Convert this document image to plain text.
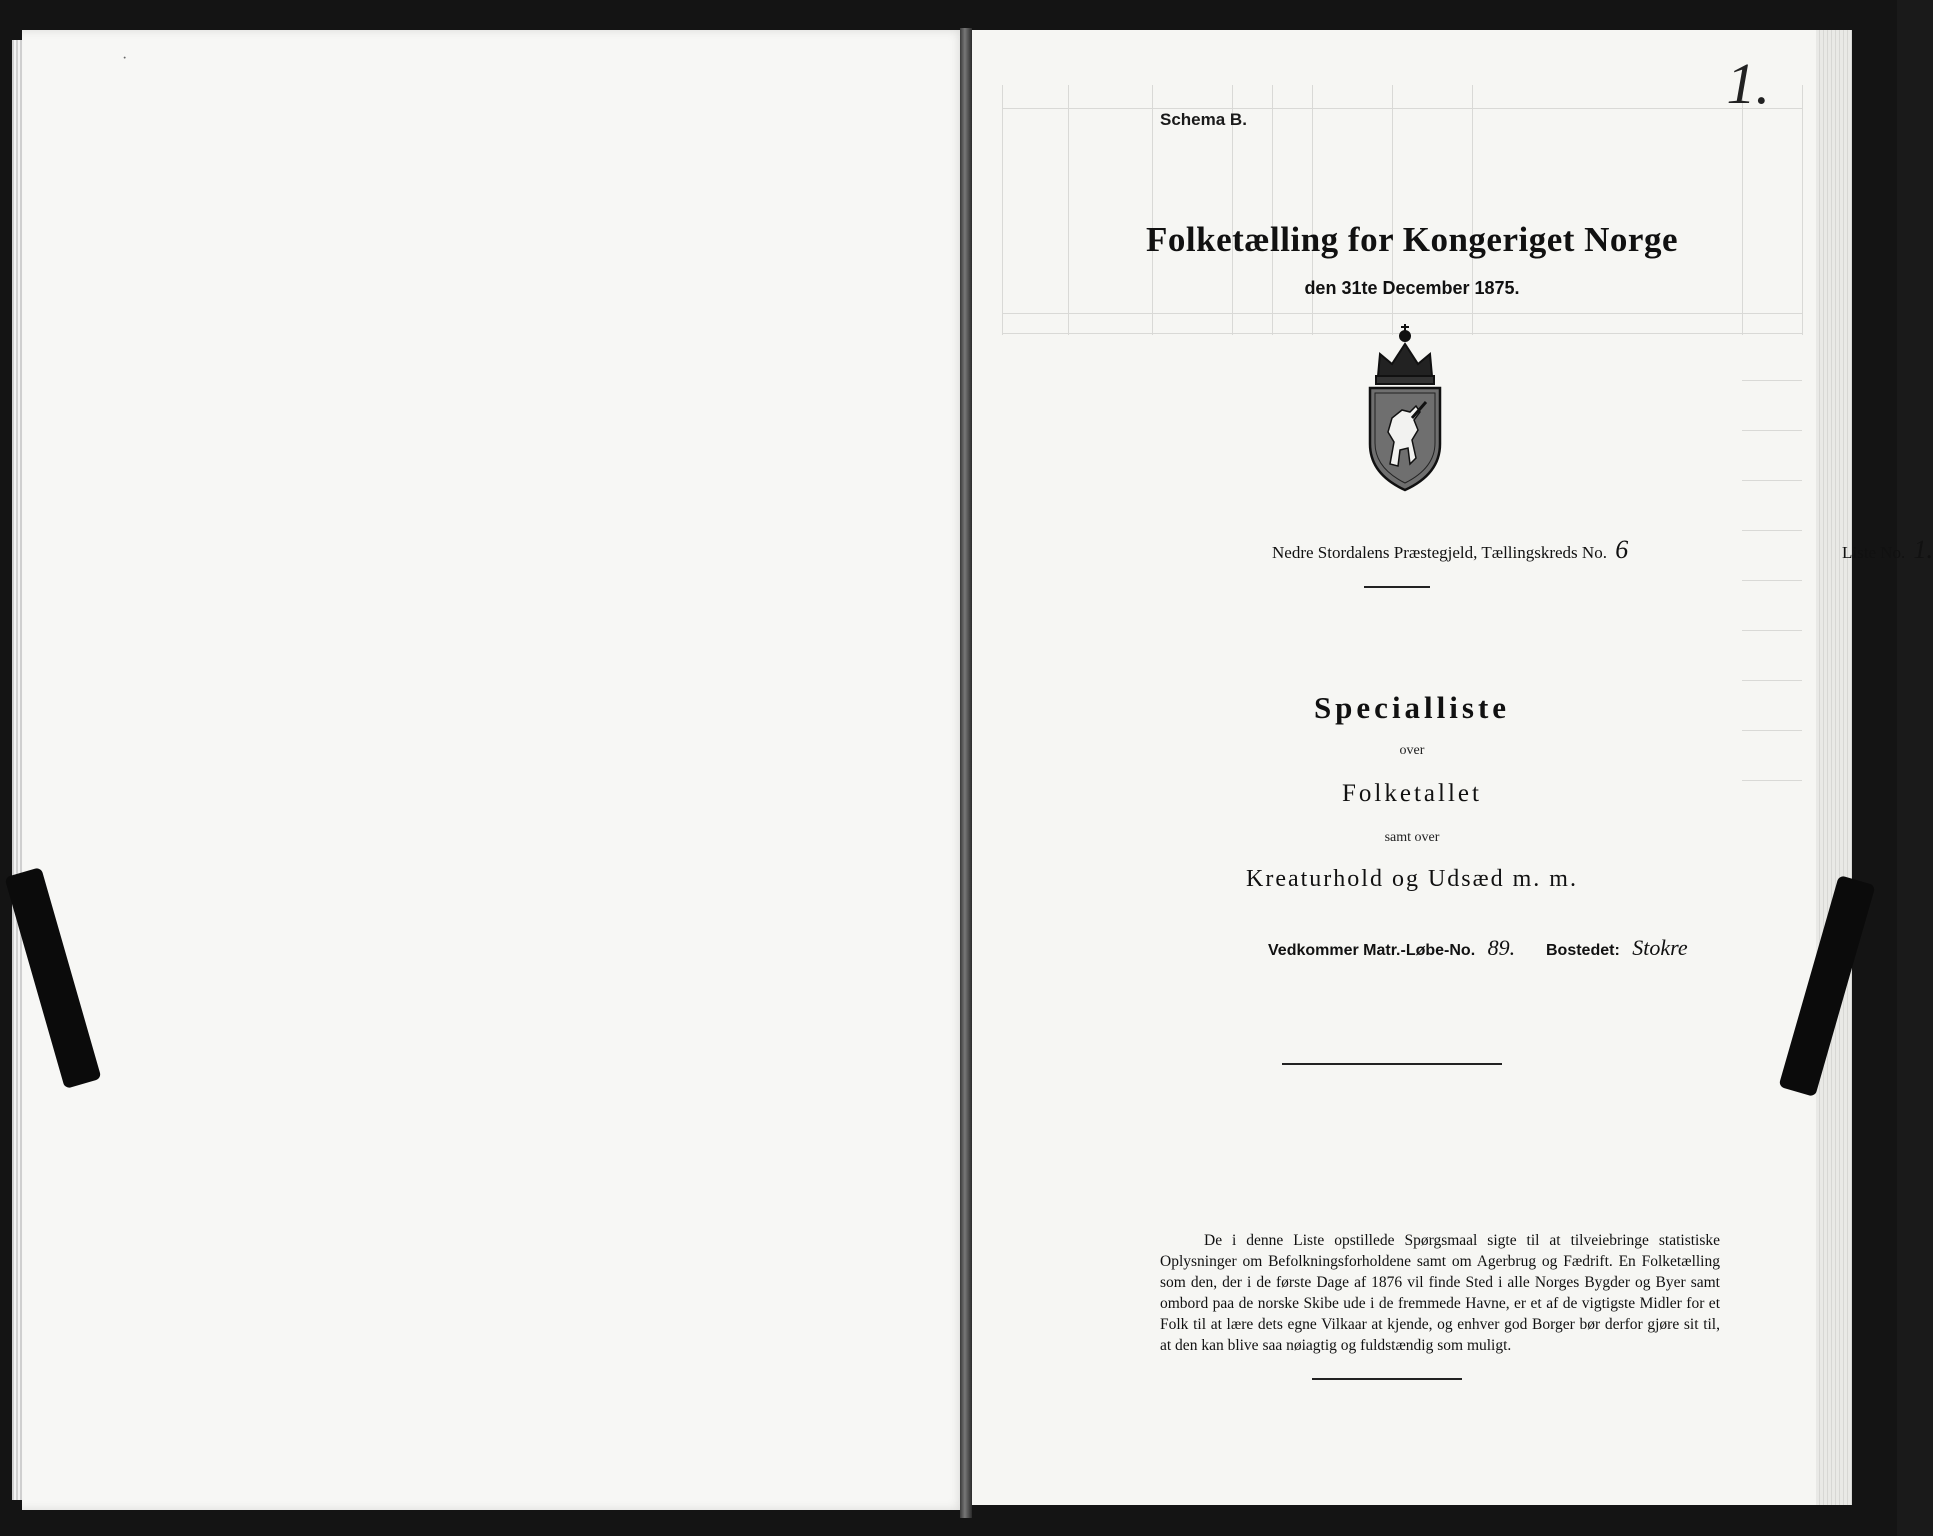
·
Schema B.
1.
Folketælling for Kongeriget Norge
den 31te December 1875.
Nedre Stordalens Præstegjeld, Tællingskreds No. 6	Liste No. 1.
Specialliste
over
Folketallet
samt over
Kreaturhold og Udsæd m. m.
Vedkommer Matr.-Løbe-No. 89. Bostedet: Stokre

De i denne Liste opstillede Spørgsmaal sigte til at tilveiebringe statistiske Oplysninger om Befolkningsforholdene samt om Agerbrug og Fædrift. En Folketælling som den, der i de første Dage af 1876 vil finde Sted i alle Norges Bygder og Byer samt ombord paa de norske Skibe ude i de fremmede Havne, er et af de vigtigste Midler for et Folk til at lære dets egne Vilkaar at kjende, og enhver god Borger bør derfor gjøre sit til, at den kan blive saa nøiagtig og fuldstændig som muligt.
